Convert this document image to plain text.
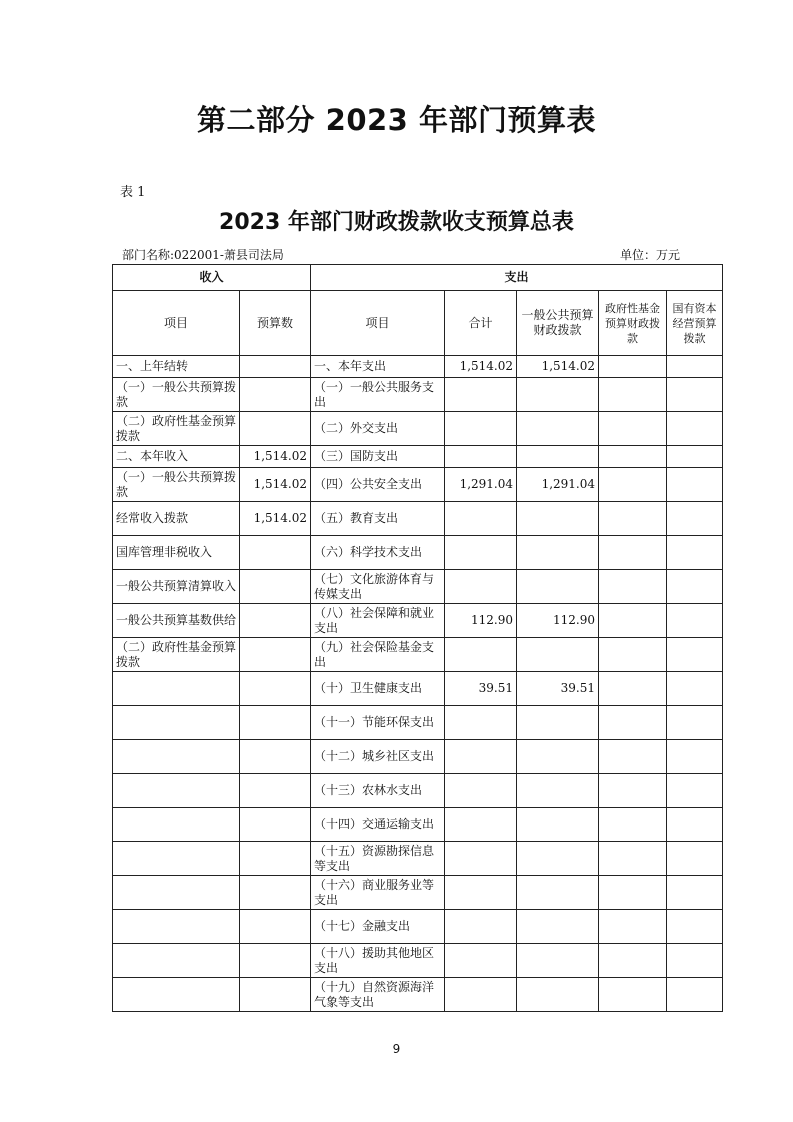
第二部分 2023 年部门预算表
表 1
2023 年部门财政拨款收支预算总表
部门名称:022001-萧县司法局	单位：万元
收入		支出				
项目	预算数	项目	合计	一般公共预算财政拨款	政府性基金预算财政拨款	国有资本经营预算拨款
一、上年结转		一、本年支出	1,514.02	1,514.02		
（一）一般公共预算拨款		（一）一般公共服务支出				
（二）政府性基金预算拨款		（二）外交支出				
二、本年收入	1,514.02	（三）国防支出				
（一）一般公共预算拨款	1,514.02	（四）公共安全支出	1,291.04	1,291.04		
经常收入拨款	1,514.02	（五）教育支出				
国库管理非税收入		（六）科学技术支出				
一般公共预算清算收入		（七）文化旅游体育与传媒支出				
一般公共预算基数供给		（八）社会保障和就业支出	112.90	112.90		
（二）政府性基金预算拨款		（九）社会保险基金支出				
		（十）卫生健康支出	39.51	39.51		
		（十一）节能环保支出				
		（十二）城乡社区支出				
		（十三）农林水支出				
		（十四）交通运输支出				
		（十五）资源勘探信息等支出				
		（十六）商业服务业等支出				
		（十七）金融支出				
		（十八）援助其他地区支出				
		（十九）自然资源海洋气象等支出				
9
